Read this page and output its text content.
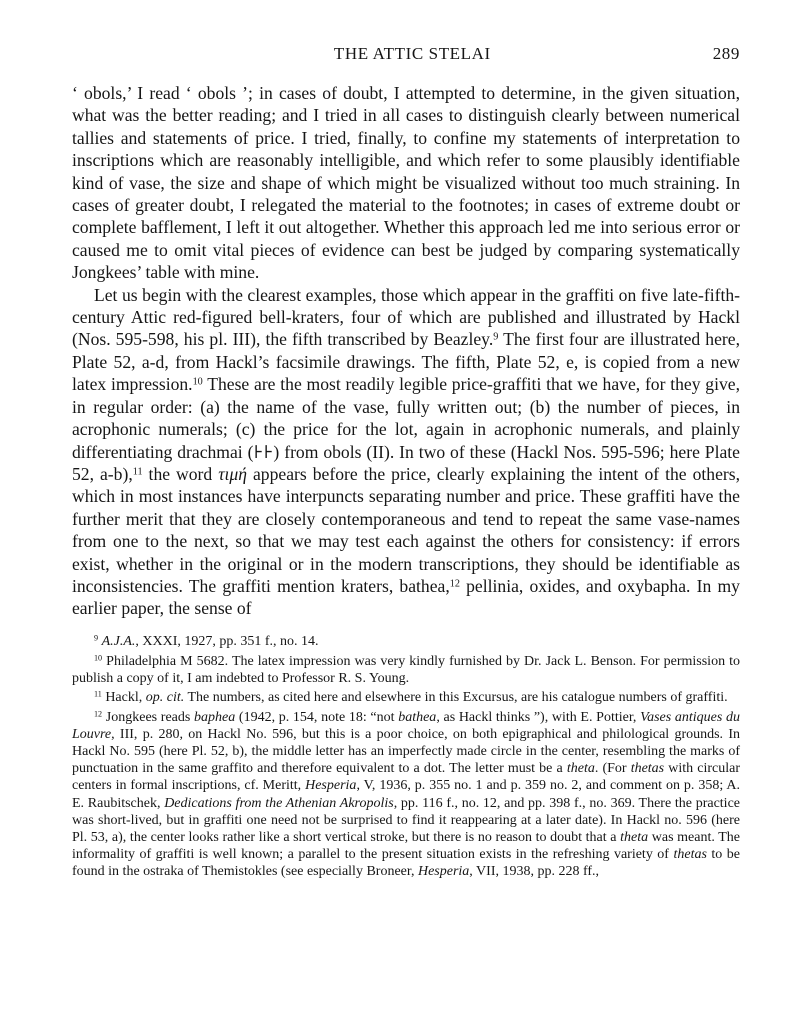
THE ATTIC STELAI	289

‘ obols,’ I read ‘ obols ’; in cases of doubt, I attempted to determine, in the given situation, what was the better reading; and I tried in all cases to distinguish clearly between numerical tallies and statements of price. I tried, finally, to confine my statements of interpretation to inscriptions which are reasonably intelligible, and which refer to some plausibly identifiable kind of vase, the size and shape of which might be visualized without too much straining. In cases of greater doubt, I relegated the material to the footnotes; in cases of extreme doubt or complete bafflement, I left it out altogether. Whether this approach led me into serious error or caused me to omit vital pieces of evidence can best be judged by comparing systematically Jongkees’ table with mine.

Let us begin with the clearest examples, those which appear in the graffiti on five late-fifth-century Attic red-figured bell-kraters, four of which are published and illustrated by Hackl (Nos. 595-598, his pl. III), the fifth transcribed by Beazley.$^9$ The first four are illustrated here, Plate 52, a-d, from Hackl’s facsimile drawings. The fifth, Plate 52, e, is copied from a new latex impression.$^{10}$ These are the most readily legible price-graffiti that we have, for they give, in regular order: (a) the name of the vase, fully written out; (b) the number of pieces, in acrophonic numerals; (c) the price for the lot, again in acrophonic numerals, and plainly differentiating drachmai (⊦⊦) from obols (II). In two of these (Hackl Nos. 595-596; here Plate 52, a-b),$^{11}$ the word τιμή appears before the price, clearly explaining the intent of the others, which in most instances have interpuncts separating number and price. These graffiti have the further merit that they are closely contemporaneous and tend to repeat the same vase-names from one to the next, so that we may test each against the others for consistency: if errors exist, whether in the original or in the modern transcriptions, they should be identifiable as inconsistencies. The graffiti mention kraters, bathea,$^{12}$ pellinia, oxides, and oxybapha. In my earlier paper, the sense of

$^9$ A.J.A., XXXI, 1927, pp. 351 f., no. 14.

$^{10}$ Philadelphia M 5682. The latex impression was very kindly furnished by Dr. Jack L. Benson. For permission to publish a copy of it, I am indebted to Professor R. S. Young.

$^{11}$ Hackl, op. cit. The numbers, as cited here and elsewhere in this Excursus, are his catalogue numbers of graffiti.

$^{12}$ Jongkees reads baphea (1942, p. 154, note 18: “not bathea, as Hackl thinks ”), with E. Pottier, Vases antiques du Louvre, III, p. 280, on Hackl No. 596, but this is a poor choice, on both epigraphical and philological grounds. In Hackl No. 595 (here Pl. 52, b), the middle letter has an imperfectly made circle in the center, resembling the marks of punctuation in the same graffito and therefore equivalent to a dot. The letter must be a theta. (For thetas with circular centers in formal inscriptions, cf. Meritt, Hesperia, V, 1936, p. 355 no. 1 and p. 359 no. 2, and comment on p. 358; A. E. Raubitschek, Dedications from the Athenian Akropolis, pp. 116 f., no. 12, and pp. 398 f., no. 369. There the practice was short-lived, but in graffiti one need not be surprised to find it reappearing at a later date). In Hackl no. 596 (here Pl. 53, a), the center looks rather like a short vertical stroke, but there is no reason to doubt that a theta was meant. The informality of graffiti is well known; a parallel to the present situation exists in the refreshing variety of thetas to be found in the ostraka of Themistokles (see especially Broneer, Hesperia, VII, 1938, pp. 228 ff.,
